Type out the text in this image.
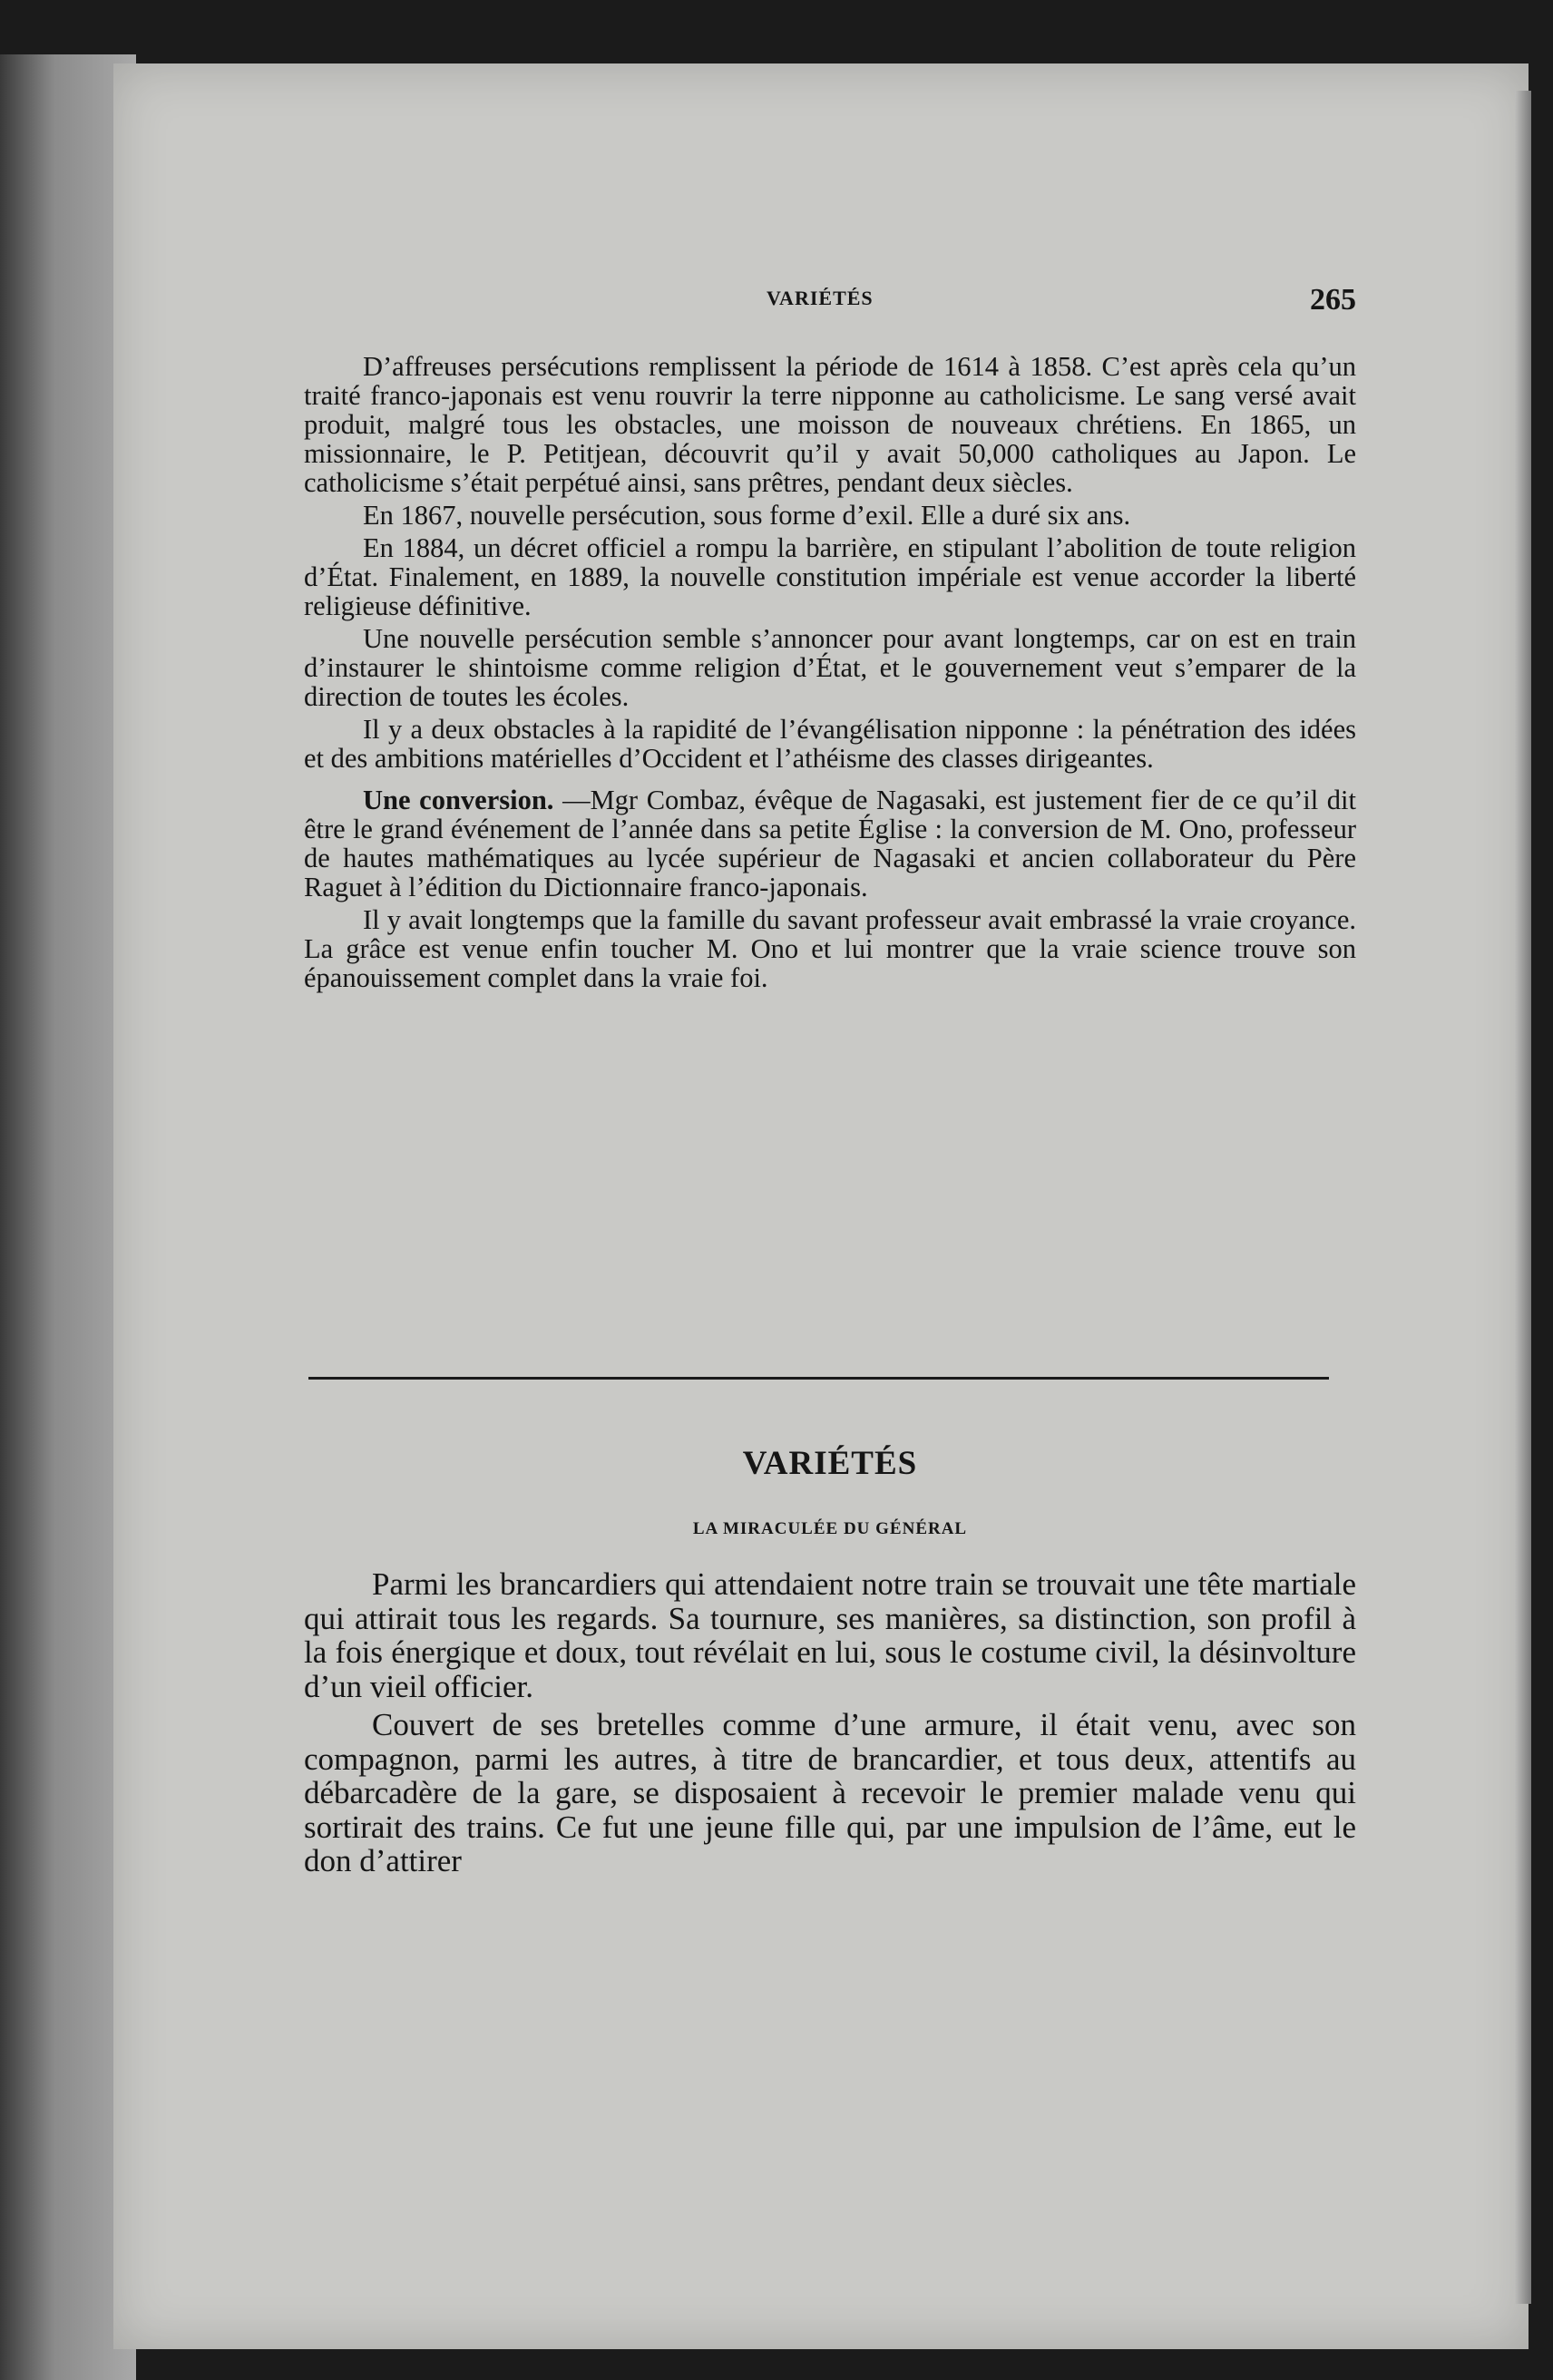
VARIÉTÉS	265

D’affreuses persécutions remplissent la période de 1614 à 1858. C’est après cela qu’un traité franco-japonais est venu rouvrir la terre nipponne au catholicisme. Le sang versé avait produit, malgré tous les obstacles, une moisson de nouveaux chrétiens. En 1865, un missionnaire, le P. Petitjean, découvrit qu’il y avait 50,000 catholiques au Japon. Le catholicisme s’était perpétué ainsi, sans prêtres, pendant deux siècles.

En 1867, nouvelle persécution, sous forme d’exil. Elle a duré six ans.

En 1884, un décret officiel a rompu la barrière, en stipulant l’abolition de toute religion d’État. Finalement, en 1889, la nouvelle constitution impériale est venue accorder la liberté religieuse définitive.

Une nouvelle persécution semble s’annoncer pour avant longtemps, car on est en train d’instaurer le shintoisme comme religion d’État, et le gouvernement veut s’emparer de la direction de toutes les écoles.

Il y a deux obstacles à la rapidité de l’évangélisation nipponne : la pénétration des idées et des ambitions matérielles d’Occident et l’athéisme des classes dirigeantes.

Une conversion. —Mgr Combaz, évêque de Nagasaki, est justement fier de ce qu’il dit être le grand événement de l’année dans sa petite Église : la conversion de M. Ono, professeur de hautes mathématiques au lycée supérieur de Nagasaki et ancien collaborateur du Père Raguet à l’édition du Dictionnaire franco-japonais.

Il y avait longtemps que la famille du savant professeur avait embrassé la vraie croyance. La grâce est venue enfin toucher M. Ono et lui montrer que la vraie science trouve son épanouissement complet dans la vraie foi.

VARIÉTÉS
LA MIRACULÉE DU GÉNÉRAL

Parmi les brancardiers qui attendaient notre train se trouvait une tête martiale qui attirait tous les regards. Sa tournure, ses manières, sa distinction, son profil à la fois énergique et doux, tout révélait en lui, sous le costume civil, la désinvolture d’un vieil officier.

Couvert de ses bretelles comme d’une armure, il était venu, avec son compagnon, parmi les autres, à titre de brancardier, et tous deux, attentifs au débarcadère de la gare, se disposaient à recevoir le premier malade venu qui sortirait des trains. Ce fut une jeune fille qui, par une impulsion de l’âme, eut le don d’attirer
